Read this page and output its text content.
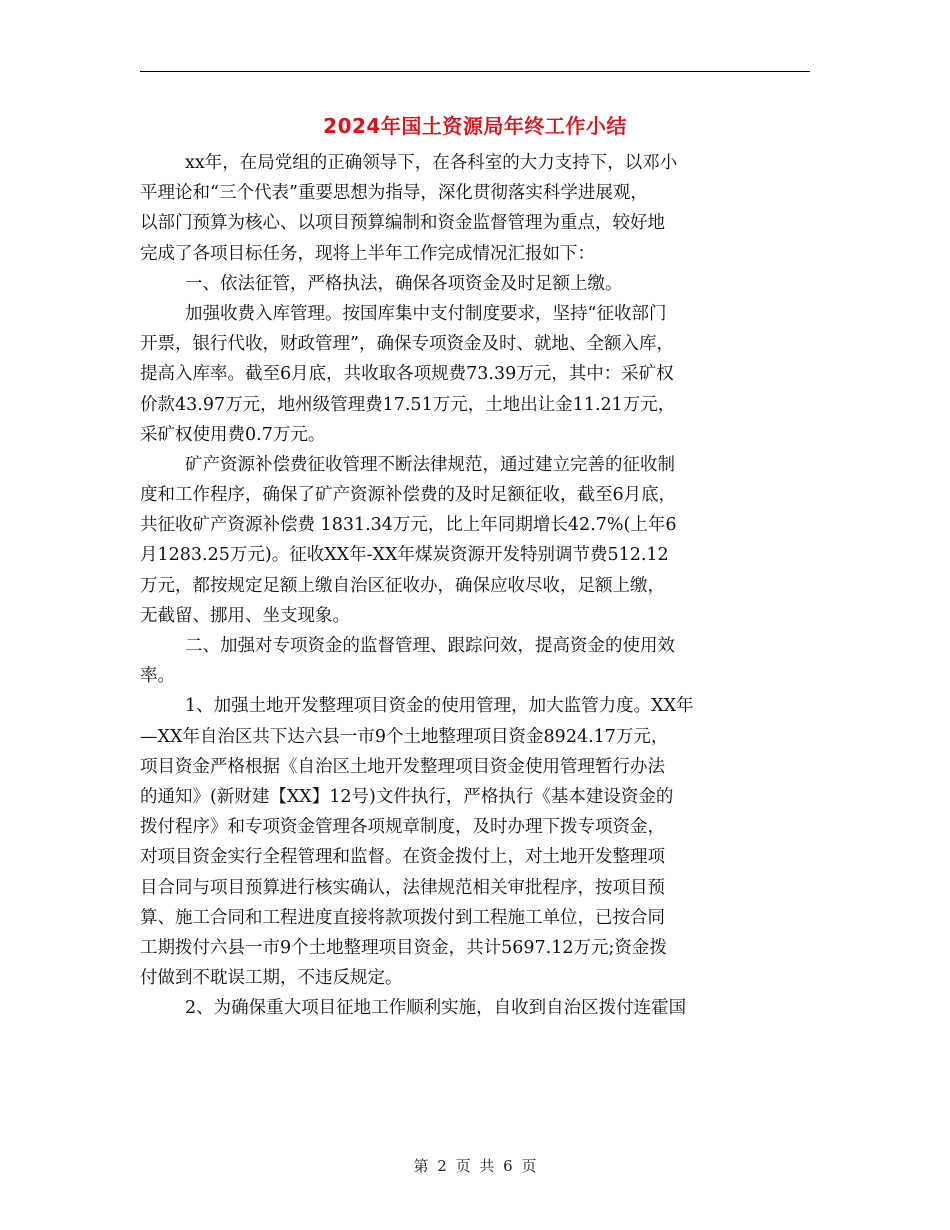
2024年国土资源局年终工作小结
xx年，在局党组的正确领导下，在各科室的大力支持下，以邓小
平理论和“三个代表”重要思想为指导，深化贯彻落实科学进展观，
以部门预算为核心、以项目预算编制和资金监督管理为重点，较好地
完成了各项目标任务，现将上半年工作完成情况汇报如下：
一、依法征管，严格执法，确保各项资金及时足额上缴。
加强收费入库管理。按国库集中支付制度要求，坚持“征收部门
开票，银行代收，财政管理”，确保专项资金及时、就地、全额入库，
提高入库率。截至6月底，共收取各项规费73.39万元，其中：采矿权
价款43.97万元，地州级管理费17.51万元，土地出让金11.21万元，
采矿权使用费0.7万元。
矿产资源补偿费征收管理不断法律规范，通过建立完善的征收制
度和工作程序，确保了矿产资源补偿费的及时足额征收，截至6月底，
共征收矿产资源补偿费 1831.34万元，比上年同期增长42.7%(上年6
月1283.25万元)。征收XX年-XX年煤炭资源开发特别调节费512.12
万元，都按规定足额上缴自治区征收办，确保应收尽收，足额上缴，
无截留、挪用、坐支现象。
二、加强对专项资金的监督管理、跟踪问效，提高资金的使用效
率。
1、加强土地开发整理项目资金的使用管理，加大监管力度。XX年
—XX年自治区共下达六县一市9个土地整理项目资金8924.17万元，
项目资金严格根据《自治区土地开发整理项目资金使用管理暂行办法
的通知》(新财建【XX】12号)文件执行，严格执行《基本建设资金的
拨付程序》和专项资金管理各项规章制度，及时办理下拨专项资金，
对项目资金实行全程管理和监督。在资金拨付上，对土地开发整理项
目合同与项目预算进行核实确认，法律规范相关审批程序，按项目预
算、施工合同和工程进度直接将款项拨付到工程施工单位，已按合同
工期拨付六县一市9个土地整理项目资金，共计5697.12万元;资金拨
付做到不耽误工期，不违反规定。
2、为确保重大项目征地工作顺利实施，自收到自治区拨付连霍国
第 2 页 共 6 页
